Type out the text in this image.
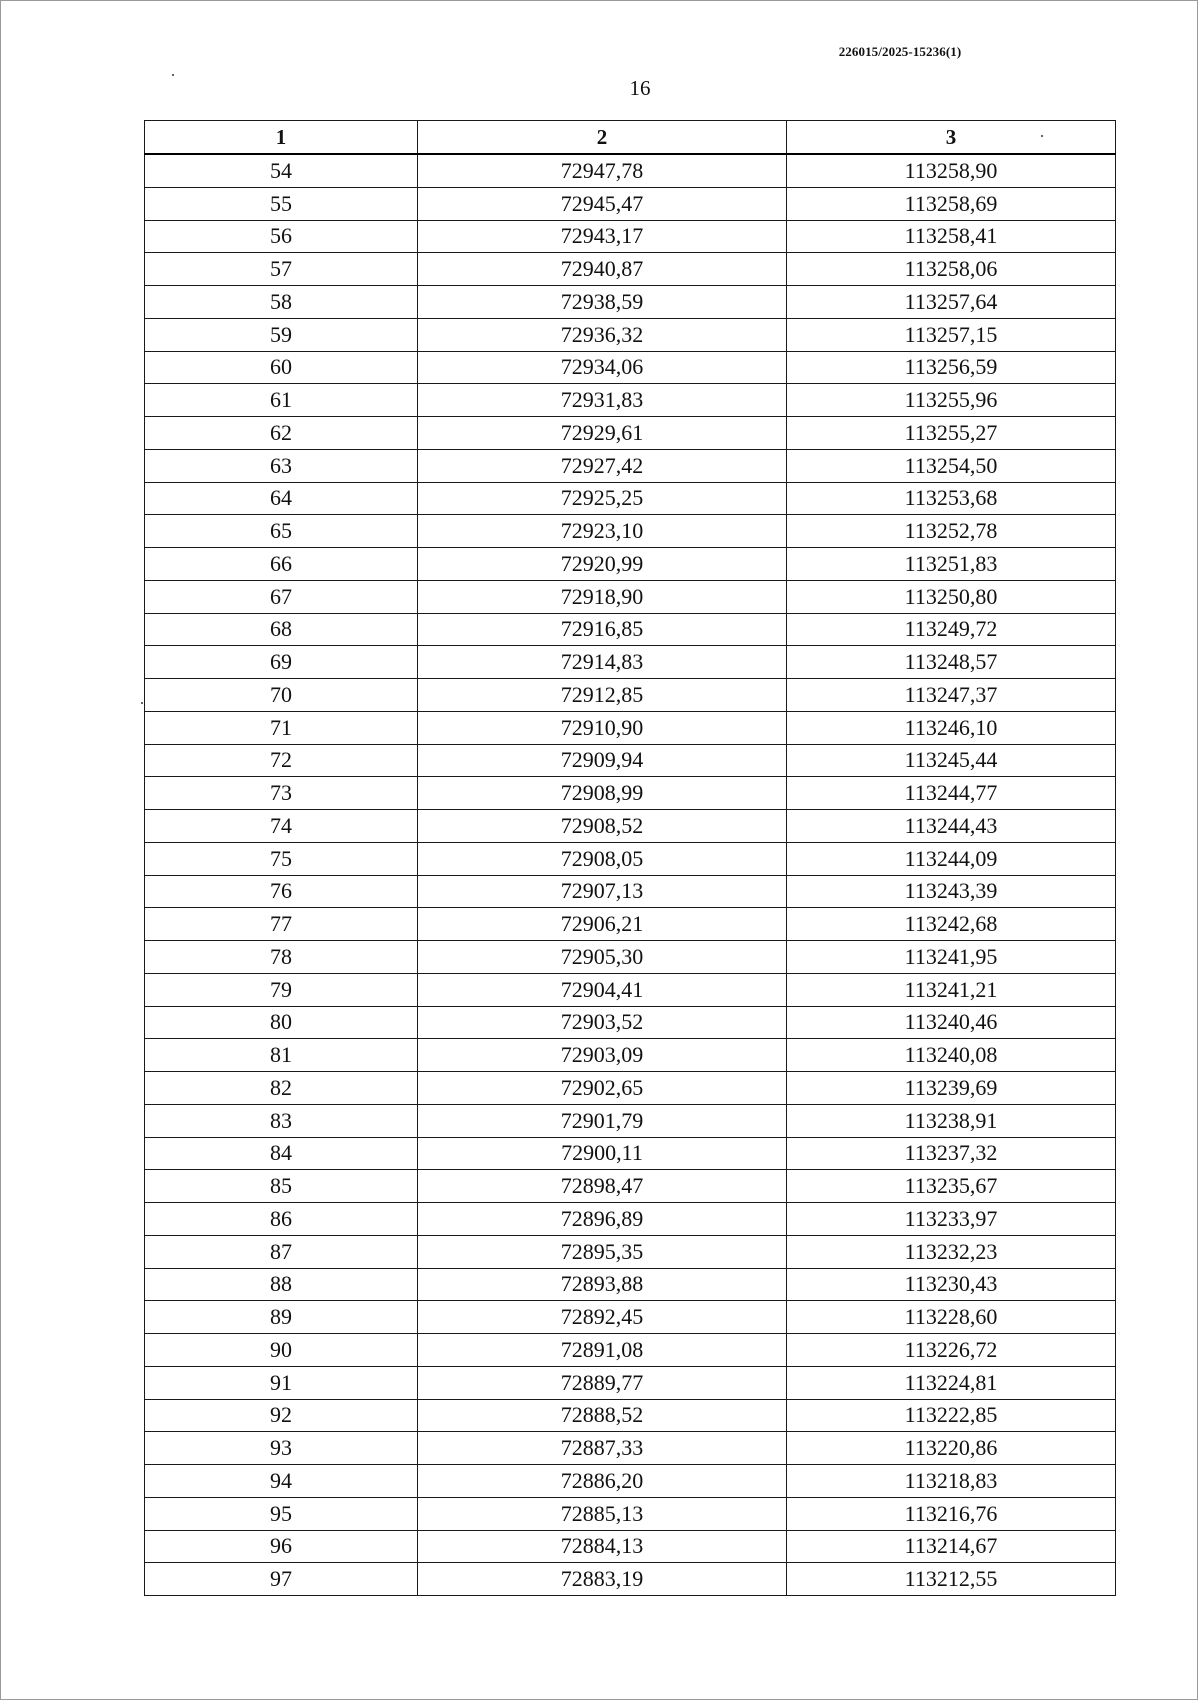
226015/2025-15236(1)
16
1	2	3
54	72947,78	113258,90
55	72945,47	113258,69
56	72943,17	113258,41
57	72940,87	113258,06
58	72938,59	113257,64
59	72936,32	113257,15
60	72934,06	113256,59
61	72931,83	113255,96
62	72929,61	113255,27
63	72927,42	113254,50
64	72925,25	113253,68
65	72923,10	113252,78
66	72920,99	113251,83
67	72918,90	113250,80
68	72916,85	113249,72
69	72914,83	113248,57
70	72912,85	113247,37
71	72910,90	113246,10
72	72909,94	113245,44
73	72908,99	113244,77
74	72908,52	113244,43
75	72908,05	113244,09
76	72907,13	113243,39
77	72906,21	113242,68
78	72905,30	113241,95
79	72904,41	113241,21
80	72903,52	113240,46
81	72903,09	113240,08
82	72902,65	113239,69
83	72901,79	113238,91
84	72900,11	113237,32
85	72898,47	113235,67
86	72896,89	113233,97
87	72895,35	113232,23
88	72893,88	113230,43
89	72892,45	113228,60
90	72891,08	113226,72
91	72889,77	113224,81
92	72888,52	113222,85
93	72887,33	113220,86
94	72886,20	113218,83
95	72885,13	113216,76
96	72884,13	113214,67
97	72883,19	113212,55
